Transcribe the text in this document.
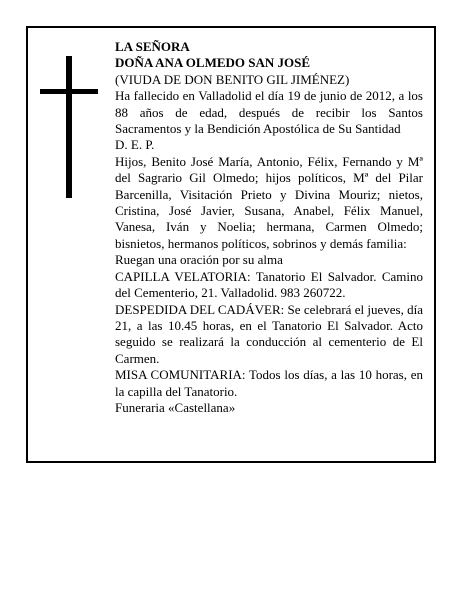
LA SEÑORA

DOÑA ANA OLMEDO SAN JOSÉ

(VIUDA DE DON BENITO GIL JIMÉNEZ)

Ha fallecido en Valladolid el día 19 de junio de 2012, a los 88 años de edad, después de recibir los Santos Sacramentos y la Bendición Apostólica de Su Santidad

D. E. P.

Hijos, Benito José María, Antonio, Félix, Fernando y Mª del Sagrario Gil Olmedo; hijos políticos, Mª del Pilar Barcenilla, Visitación Prieto y Divina Mouriz; nietos, Cristina, José Javier, Susana, Anabel, Félix Manuel, Vanesa, Iván y Noelia; hermana, Carmen Olmedo; bisnietos, hermanos políticos, sobrinos y demás familia:

Ruegan una oración por su alma

CAPILLA VELATORIA: Tanatorio El Salvador. Camino del Cementerio, 21. Valladolid. 983 260722.

DESPEDIDA DEL CADÁVER: Se celebrará el jueves, día 21, a las 10.45 horas, en el Tanatorio El Salvador. Acto seguido se realizará la conducción al cementerio de El Carmen.

MISA COMUNITARIA: Todos los días, a las 10 horas, en la capilla del Tanatorio.

Funeraria «Castellana»
